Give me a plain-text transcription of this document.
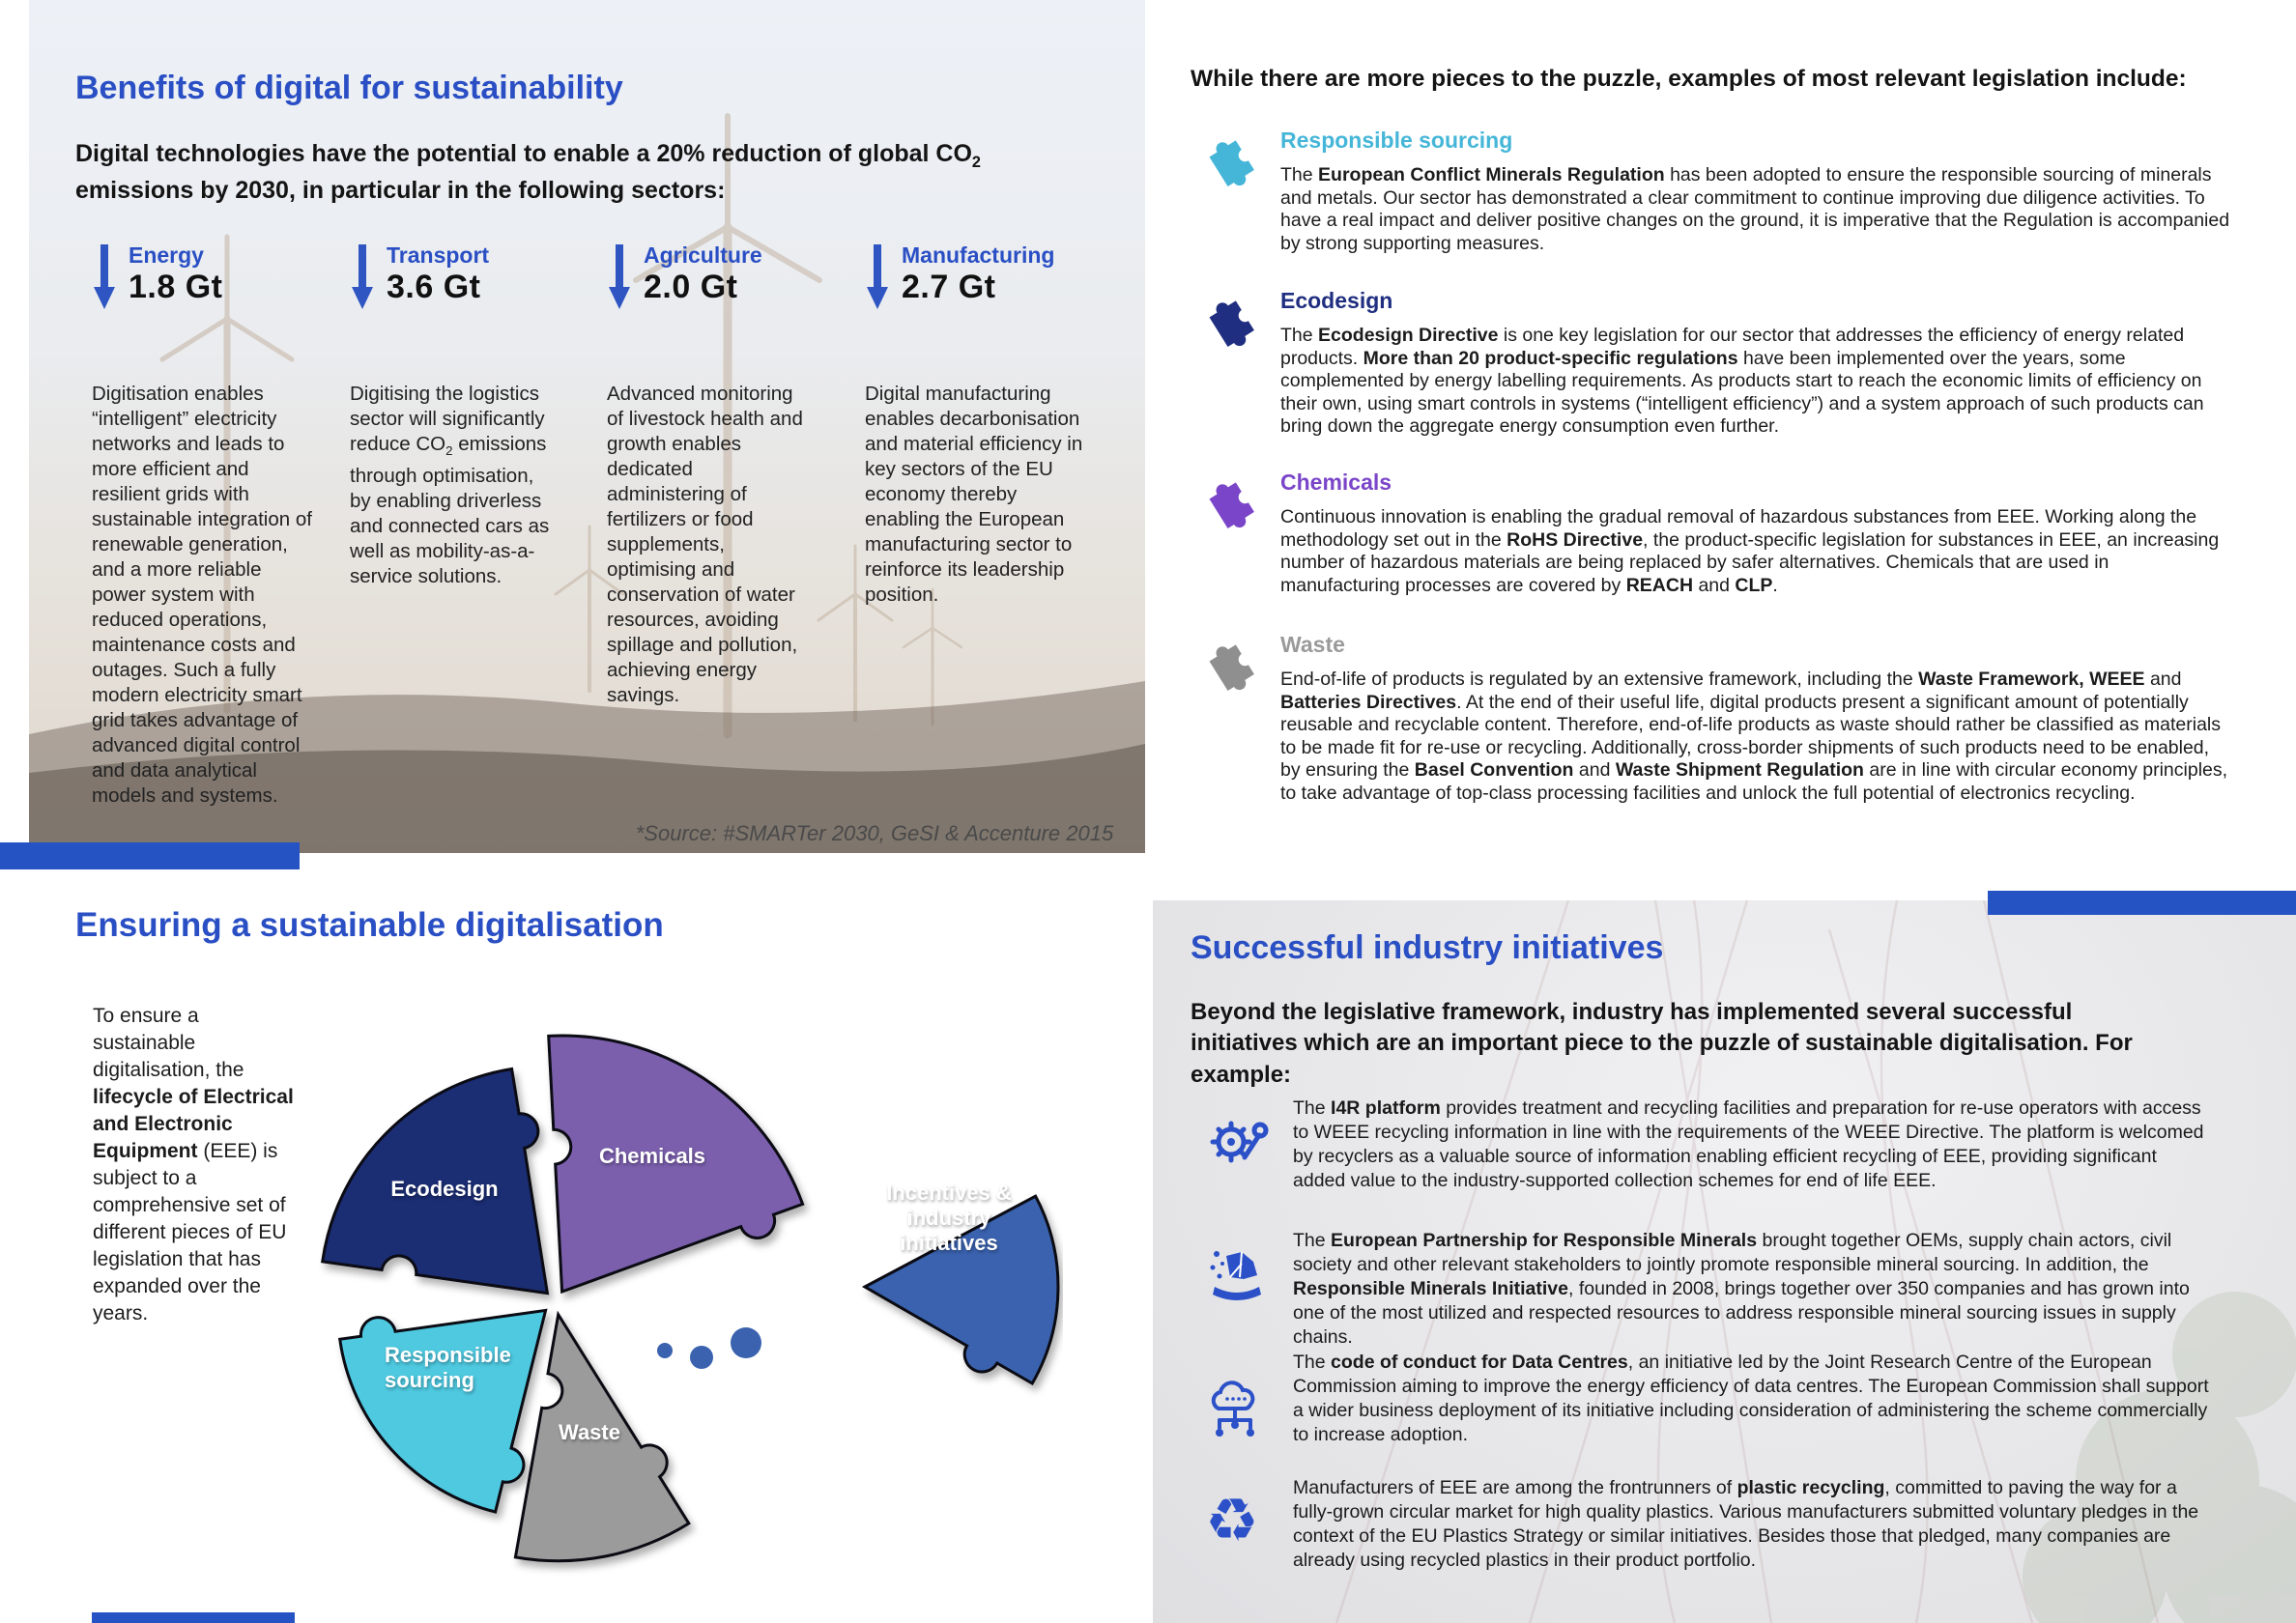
Benefits of digital for sustainability

Digital technologies have the potential to enable a 20% reduction of global $CO_2$ emissions by 2030, in particular in the following sectors:

Energy
1.8 Gt

Digitisation enables “intelligent” electricity networks and leads to more efficient and resilient grids with sustainable integration of renewable generation, and a more reliable power system with reduced operations, maintenance costs and outages. Such a fully modern electricity smart grid takes advantage of advanced digital control and data analytical models and systems.

Transport
3.6 Gt

Digitising the logistics sector will significantly reduce $CO_2$ emissions through optimisation, by enabling driverless and connected cars as well as mobility-as-a-service solutions.

Agriculture
2.0 Gt

Advanced monitoring of livestock health and growth enables dedicated administering of fertilizers or food supplements, optimising and conservation of water resources, avoiding spillage and pollution, achieving energy savings.

Manufacturing
2.7 Gt

Digital manufacturing enables decarbonisation and material efficiency in key sectors of the EU economy thereby enabling the European manufacturing sector to reinforce its leadership position.

*Source: #SMARTer 2030, GeSI & Accenture 2015

While there are more pieces to the puzzle, examples of most relevant legislation include:
Responsible sourcing

The European Conflict Minerals Regulation has been adopted to ensure the responsible sourcing of minerals and metals. Our sector has demonstrated a clear commitment to continue improving due diligence activities. To have a real impact and deliver positive changes on the ground, it is imperative that the Regulation is accompanied by strong supporting measures.

Ecodesign

The Ecodesign Directive is one key legislation for our sector that addresses the efficiency of energy related products. More than 20 product-specific regulations have been implemented over the years, some complemented by energy labelling requirements. As products start to reach the economic limits of efficiency on their own, using smart controls in systems (“intelligent efficiency”) and a system approach of such products can bring down the aggregate energy consumption even further.

Chemicals

Continuous innovation is enabling the gradual removal of hazardous substances from EEE. Working along the methodology set out in the RoHS Directive, the product-specific legislation for substances in EEE, an increasing number of hazardous materials are being replaced by safer alternatives. Chemicals that are used in manufacturing processes are covered by REACH and CLP.

Waste

End-of-life of products is regulated by an extensive framework, including the Waste Framework, WEEE and Batteries Directives. At the end of their useful life, digital products present a significant amount of potentially reusable and recyclable content. Therefore, end-of-life products as waste should rather be classified as materials to be made fit for re-use or recycling. Additionally, cross-border shipments of such products need to be enabled, by ensuring the Basel Convention and Waste Shipment Regulation are in line with circular economy principles, to take advantage of top-class processing facilities and unlock the full potential of electronics recycling.

Ensuring a sustainable digitalisation

To ensure a sustainable digitalisation, the lifecycle of Electrical and Electronic Equipment (EEE) is subject to a comprehensive set of different pieces of EU legislation that has expanded over the years.

Chemicals
Ecodesign
Responsible sourcing
Waste
Incentives & industry initiatives
Successful industry initiatives

Beyond the legislative framework, industry has implemented several successful initiatives which are an important piece to the puzzle of sustainable digitalisation. For example:

The I4R platform provides treatment and recycling facilities and preparation for re-use operators with access to WEEE recycling information in line with the requirements of the WEEE Directive. The platform is welcomed by recyclers as a valuable source of information enabling efficient recycling of EEE, providing significant added value to the industry-supported collection schemes for end of life EEE.

The European Partnership for Responsible Minerals brought together OEMs, supply chain actors, civil society and other relevant stakeholders to jointly promote responsible mineral sourcing. In addition, the Responsible Minerals Initiative, founded in 2008, brings together over 350 companies and has grown into one of the most utilized and respected resources to address responsible mineral sourcing issues in supply chains.

The code of conduct for Data Centres, an initiative led by the Joint Research Centre of the European Commission aiming to improve the energy efficiency of data centres. The European Commission shall support a wider business deployment of its initiative including consideration of administering the scheme commercially to increase adoption.

♻	Manufacturers of EEE are among the frontrunners of plastic recycling, committed to paving the way for a fully-grown circular market for high quality plastics. Various manufacturers submitted voluntary pledges in the context of the EU Plastics Strategy or similar initiatives. Besides those that pledged, many companies are already using recycled plastics in their product portfolio.
